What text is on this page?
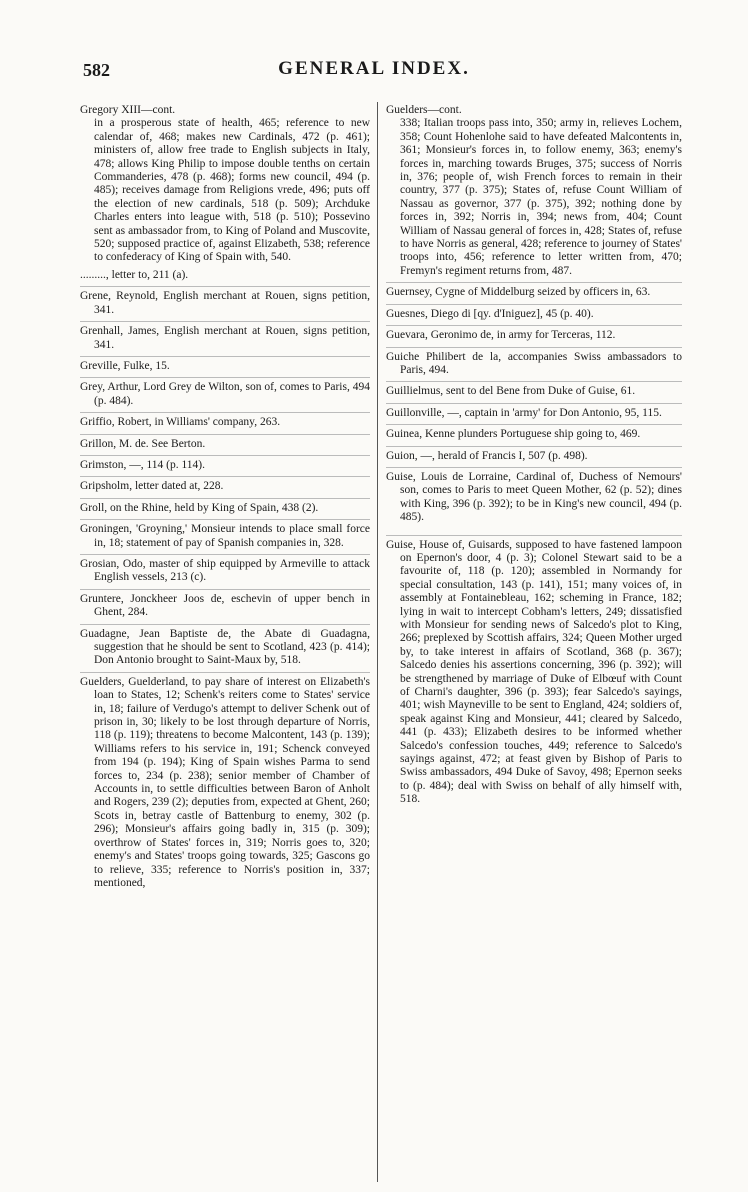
582	GENERAL INDEX.
Gregory XIII—cont.
in a prosperous state of health, 465; reference to new calendar of, 468; makes new Cardinals, 472 (p. 461); ministers of, allow free trade to English subjects in Italy, 478; allows King Philip to impose double tenths on certain Commanderies, 478 (p. 468); forms new council, 494 (p. 485); receives damage from Religions vrede, 496; puts off the election of new cardinals, 518 (p. 509); Archduke Charles enters into league with, 518 (p. 510); Possevino sent as ambassador from, to King of Poland and Muscovite, 520; supposed practice of, against Elizabeth, 538; reference to confederacy of King of Spain with, 540.
........., letter to, 211 (a).
Grene, Reynold, English merchant at Rouen, signs petition, 341.
Grenhall, James, English merchant at Rouen, signs petition, 341.
Greville, Fulke, 15.
Grey, Arthur, Lord Grey de Wilton, son of, comes to Paris, 494 (p. 484).
Griffio, Robert, in Williams' company, 263.
Grillon, M. de. See Berton.
Grimston, —, 114 (p. 114).
Gripsholm, letter dated at, 228.
Groll, on the Rhine, held by King of Spain, 438 (2).
Groningen, 'Groyning,' Monsieur intends to place small force in, 18; statement of pay of Spanish companies in, 328.
Grosian, Odo, master of ship equipped by Armeville to attack English vessels, 213 (c).
Gruntere, Jonckheer Joos de, eschevin of upper bench in Ghent, 284.
Guadagne, Jean Baptiste de, the Abate di Guadagna, suggestion that he should be sent to Scotland, 423 (p. 414); Don Antonio brought to Saint-Maux by, 518.
Guelders, Guelderland, to pay share of interest on Elizabeth's loan to States, 12; Schenk's reiters come to States' service in, 18; failure of Verdugo's attempt to deliver Schenk out of prison in, 30; likely to be lost through departure of Norris, 118 (p. 119); threatens to become Malcontent, 143 (p. 139); Williams refers to his service in, 191; Schenck conveyed from 194 (p. 194); King of Spain wishes Parma to send forces to, 234 (p. 238); senior member of Chamber of Accounts in, to settle difficulties between Baron of Anholt and Rogers, 239 (2); deputies from, expected at Ghent, 260; Scots in, betray castle of Battenburg to enemy, 302 (p. 296); Monsieur's affairs going badly in, 315 (p. 309); overthrow of States' forces in, 319; Norris goes to, 320; enemy's and States' troops going towards, 325; Gascons go to relieve, 335; reference to Norris's position in, 337; mentioned,
Guelders—cont.
338; Italian troops pass into, 350; army in, relieves Lochem, 358; Count Hohenlohe said to have defeated Malcontents in, 361; Monsieur's forces in, to follow enemy, 363; enemy's forces in, marching towards Bruges, 375; success of Norris in, 376; people of, wish French forces to remain in their country, 377 (p. 375); States of, refuse Count William of Nassau as governor, 377 (p. 375), 392; nothing done by forces in, 392; Norris in, 394; news from, 404; Count William of Nassau general of forces in, 428; States of, refuse to have Norris as general, 428; reference to journey of States' troops into, 456; reference to letter written from, 470; Fremyn's regiment returns from, 487.
Guernsey, Cygne of Middelburg seized by officers in, 63.
Guesnes, Diego di [qy. d'Iniguez], 45 (p. 40).
Guevara, Geronimo de, in army for Terceras, 112.
Guiche Philibert de la, accompanies Swiss ambassadors to Paris, 494.
Guillielmus, sent to del Bene from Duke of Guise, 61.
Guillonville, —, captain in 'army' for Don Antonio, 95, 115.
Guinea, Kenne plunders Portuguese ship going to, 469.
Guion, —, herald of Francis I, 507 (p. 498).
Guise, Louis de Lorraine, Cardinal of, Duchess of Nemours' son, comes to Paris to meet Queen Mother, 62 (p. 52); dines with King, 396 (p. 392); to be in King's new council, 494 (p. 485).
Guise, House of, Guisards, supposed to have fastened lampoon on Epernon's door, 4 (p. 3); Colonel Stewart said to be a favourite of, 118 (p. 120); assembled in Normandy for special consultation, 143 (p. 141), 151; many voices of, in assembly at Fontainebleau, 162; scheming in France, 182; lying in wait to intercept Cobham's letters, 249; dissatisfied with Monsieur for sending news of Salcedo's plot to King, 266; preplexed by Scottish affairs, 324; Queen Mother urged by, to take interest in affairs of Scotland, 368 (p. 367); Salcedo denies his assertions concerning, 396 (p. 392); will be strengthened by marriage of Duke of Elbœuf with Count of Charni's daughter, 396 (p. 393); fear Salcedo's sayings, 401; wish Mayneville to be sent to England, 424; soldiers of, speak against King and Monsieur, 441; cleared by Salcedo, 441 (p. 433); Elizabeth desires to be informed whether Salcedo's confession touches, 449; reference to Salcedo's sayings against, 472; at feast given by Bishop of Paris to Swiss ambassadors, 494 Duke of Savoy, 498; Epernon seeks to (p. 484); deal with Swiss on behalf of ally himself with, 518.
